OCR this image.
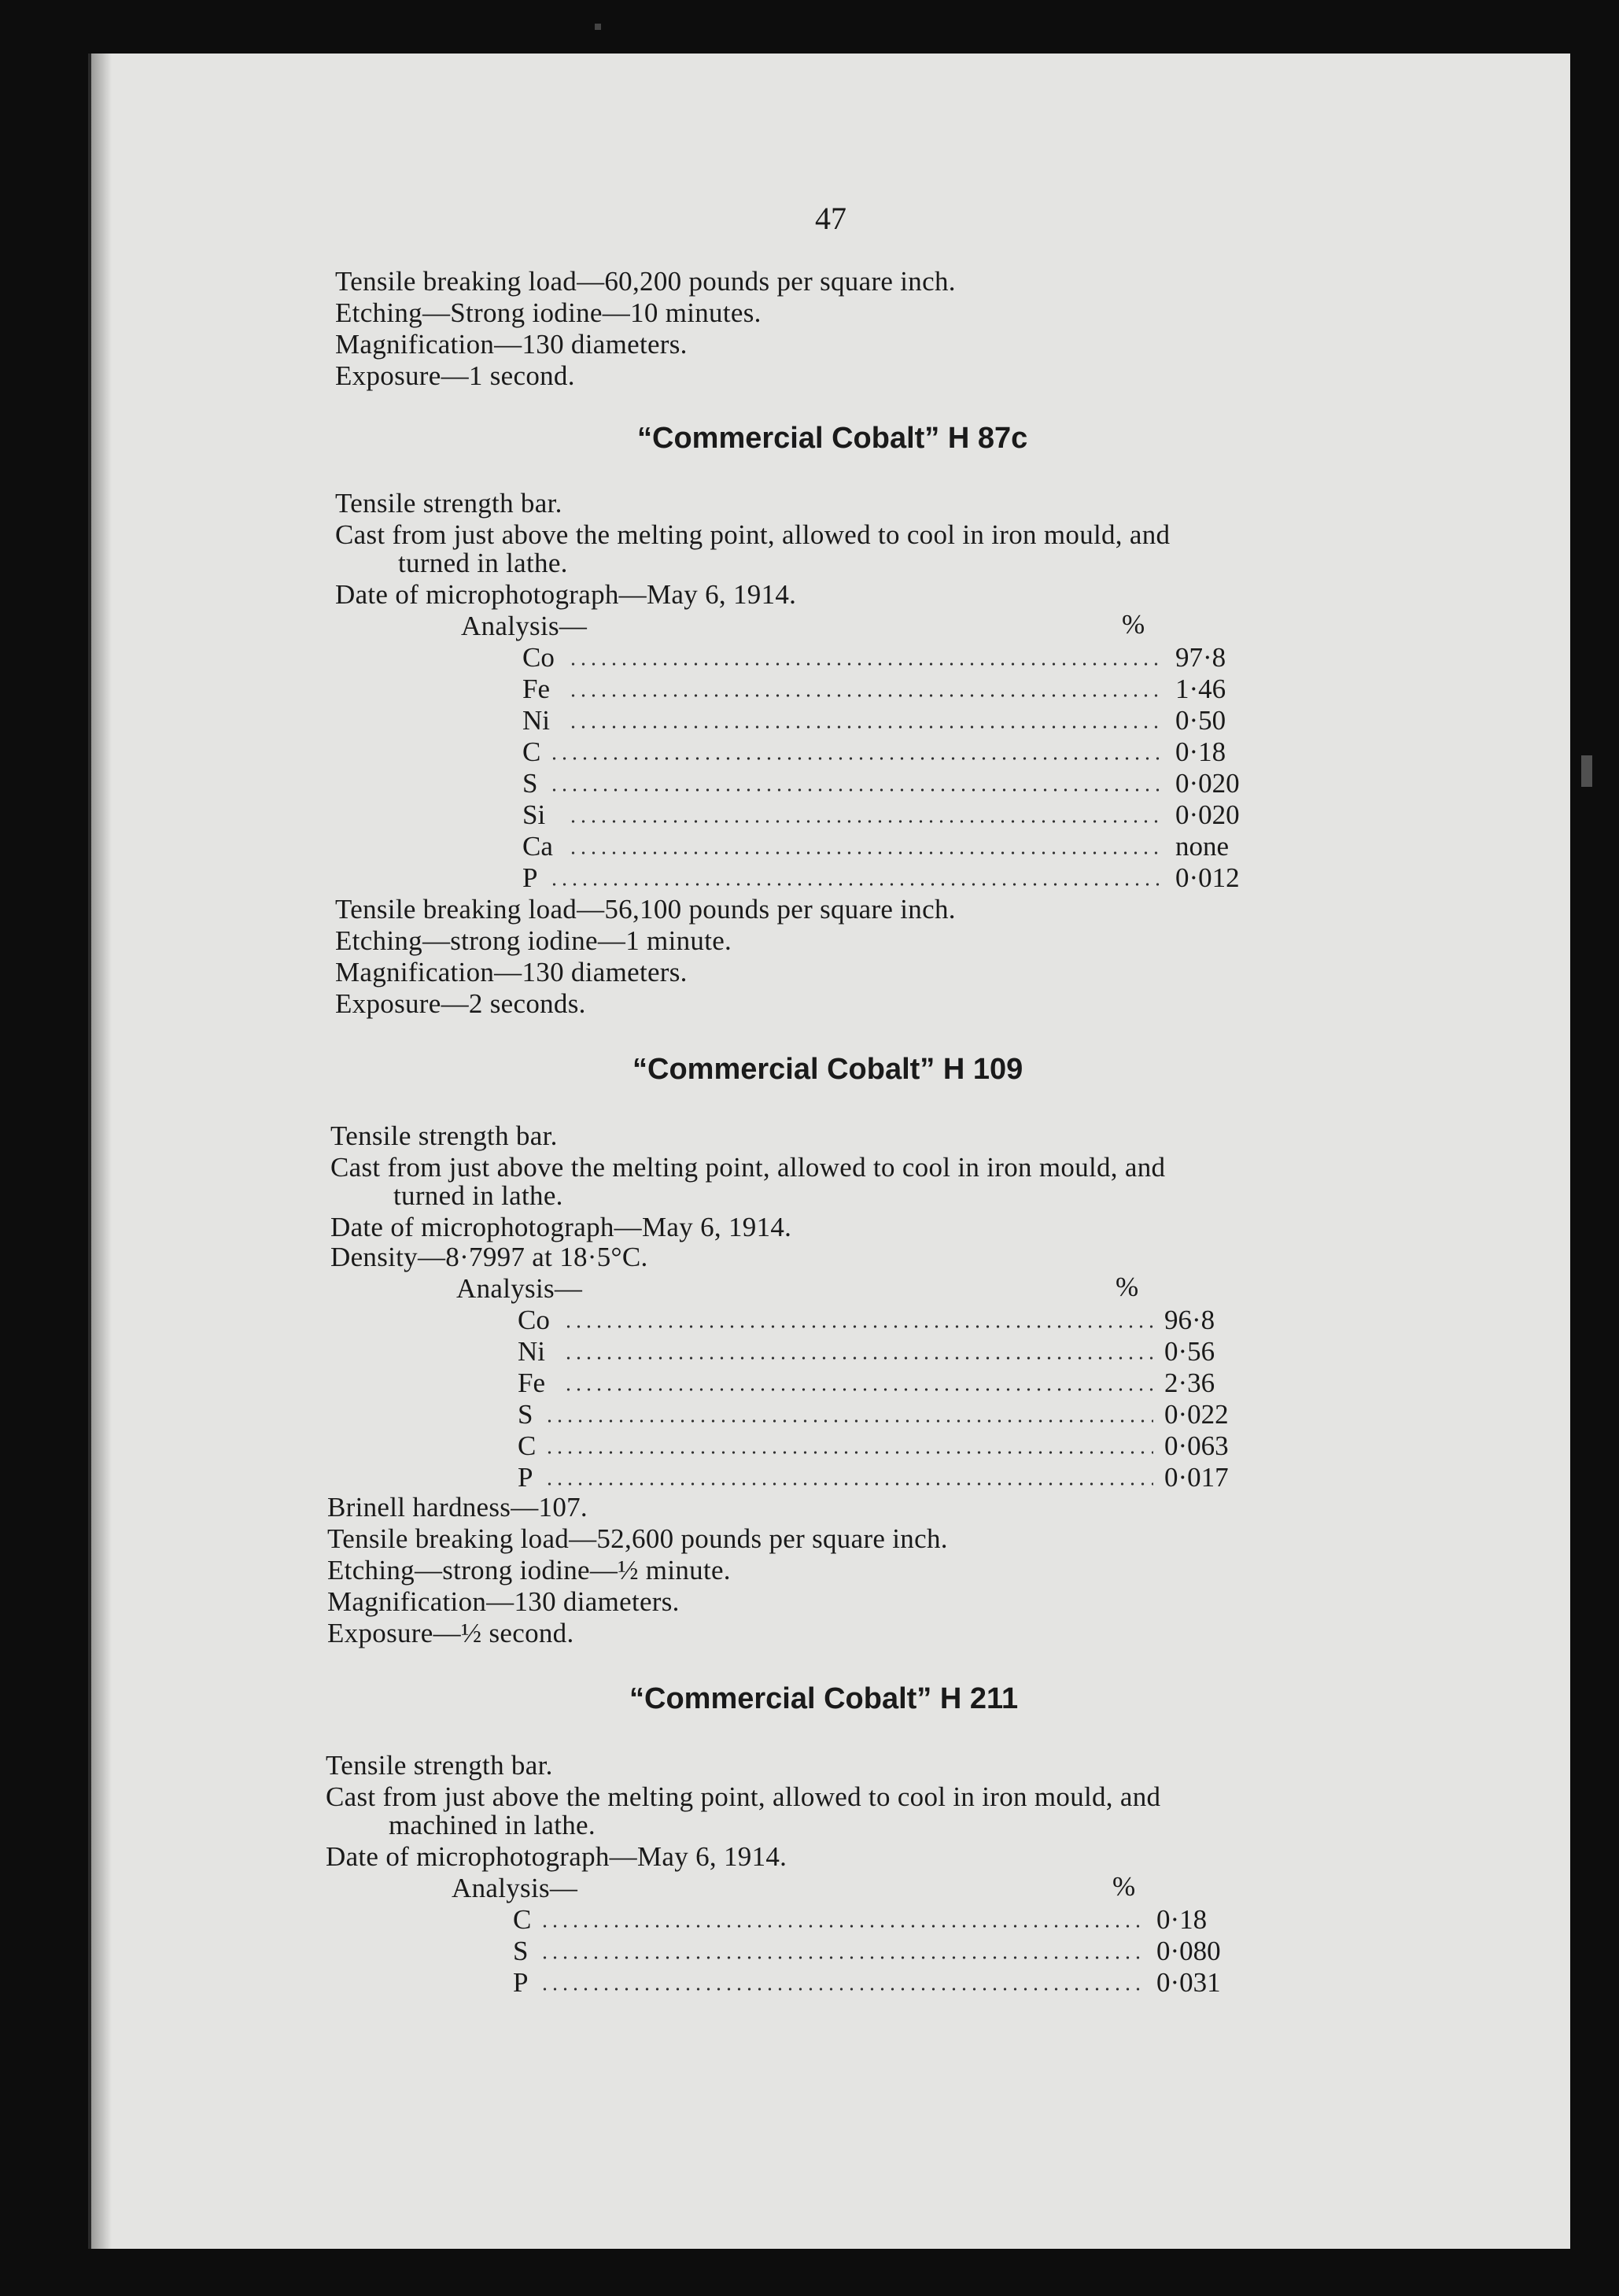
47
Tensile breaking load—60,200 pounds per square inch.
Etching—Strong iodine—10 minutes.
Magnification—130 diameters.
Exposure—1 second.
“Commercial Cobalt” H 87c
Tensile strength bar.
Cast from just above the melting point, allowed to cool in iron mould, and
turned in lathe.
Date of microphotograph—May 6, 1914.
Analysis—	%
Co	97·8
Fe	1·46
Ni	0·50
C	0·18
S	0·020
Si	0·020
Ca	none
P	0·012
Tensile breaking load—56,100 pounds per square inch.
Etching—strong iodine—1 minute.
Magnification—130 diameters.
Exposure—2 seconds.
“Commercial Cobalt” H 109
Tensile strength bar.
Cast from just above the melting point, allowed to cool in iron mould, and
turned in lathe.
Date of microphotograph—May 6, 1914.
Density—8·7997 at 18·5°C.
Analysis—	%
Co	96·8
Ni	0·56
Fe	2·36
S	0·022
C	0·063
P	0·017
Brinell hardness—107.
Tensile breaking load—52,600 pounds per square inch.
Etching—strong iodine—½ minute.
Magnification—130 diameters.
Exposure—½ second.
“Commercial Cobalt” H 211
Tensile strength bar.
Cast from just above the melting point, allowed to cool in iron mould, and
machined in lathe.
Date of microphotograph—May 6, 1914.
Analysis—	%
C	0·18
S	0·080
P	0·031
